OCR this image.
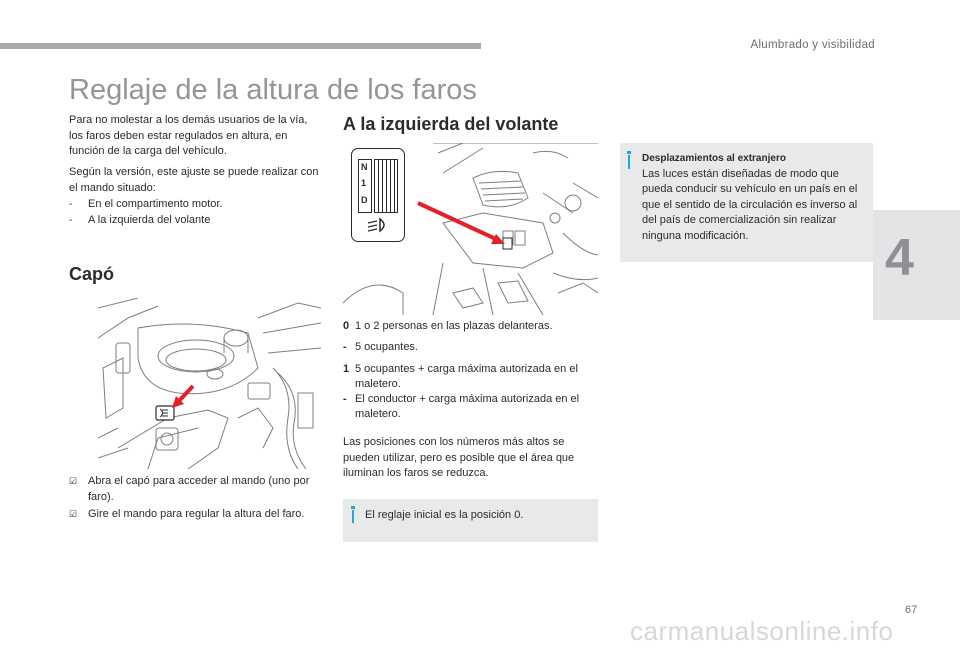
Alumbrado y visibilidad
Reglaje de la altura de los faros
Para no molestar a los demás usuarios de la vía, los faros deben estar regulados en altura, en función de la carga del vehículo.
Según la versión, este ajuste se puede realizar con el mando situado:
- En el compartimento motor.
- A la izquierda del volante
Capó
☑ Abra el capó para acceder al mando (uno por faro).
☑ Gire el mando para regular la altura del faro.
A la izquierda del volante
N
1
D
0 1 o 2 personas en las plazas delanteras.
- 5 ocupantes.
1 5 ocupantes + carga máxima autorizada en el maletero.
- El conductor + carga máxima autorizada en el maletero.
Las posiciones con los números más altos se pueden utilizar, pero es posible que el área que iluminan los faros se reduzca.
El reglaje inicial es la posición 0.
Desplazamientos al extranjero
Las luces están diseñadas de modo que pueda conducir su vehículo en un país en el que el sentido de la circulación es inverso al del país de comercialización sin realizar ninguna modificación.	4
67
carmanualsonline.info
